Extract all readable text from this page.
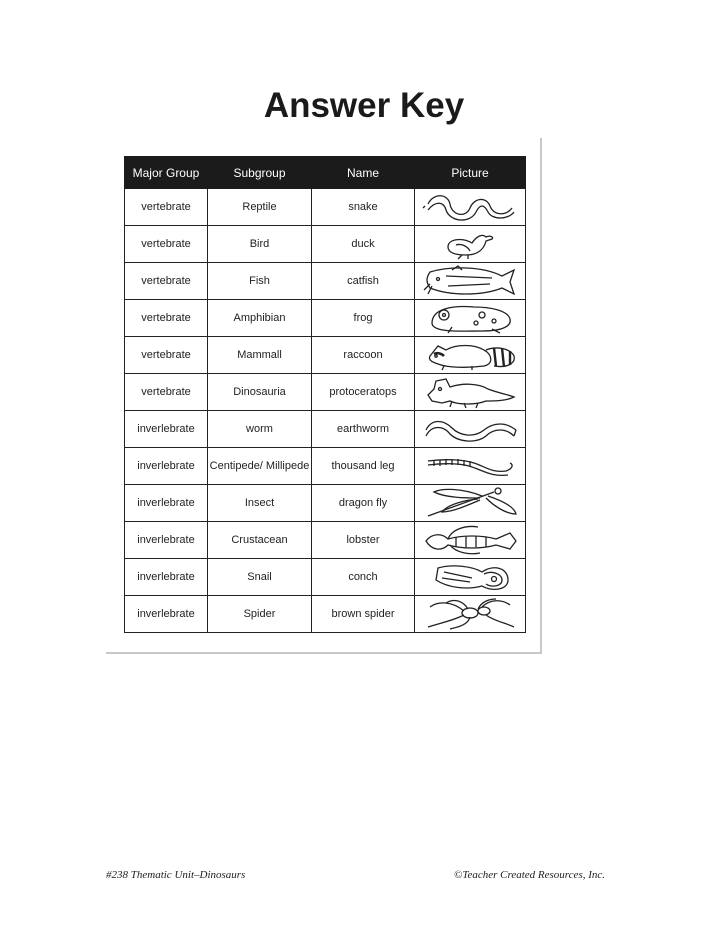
Answer Key
Major Group	Subgroup	Name	Picture
vertebrate	Reptile	snake	

vertebrate	Bird	duck	

vertebrate	Fish	catfish	

vertebrate	Amphibian	frog	

vertebrate	Mammall	raccoon	

vertebrate	Dinosauria	protoceratops	

inverlebrate	worm	earthworm	

inverlebrate	Centipede/ Millipede	thousand leg	

inverlebrate	Insect	dragon fly	

inverlebrate	Crustacean	lobster	

inverlebrate	Snail	conch	

inverlebrate	Spider	brown spider	
#238 Thematic Unit–Dinosaurs	©Teacher Created Resources, Inc.
